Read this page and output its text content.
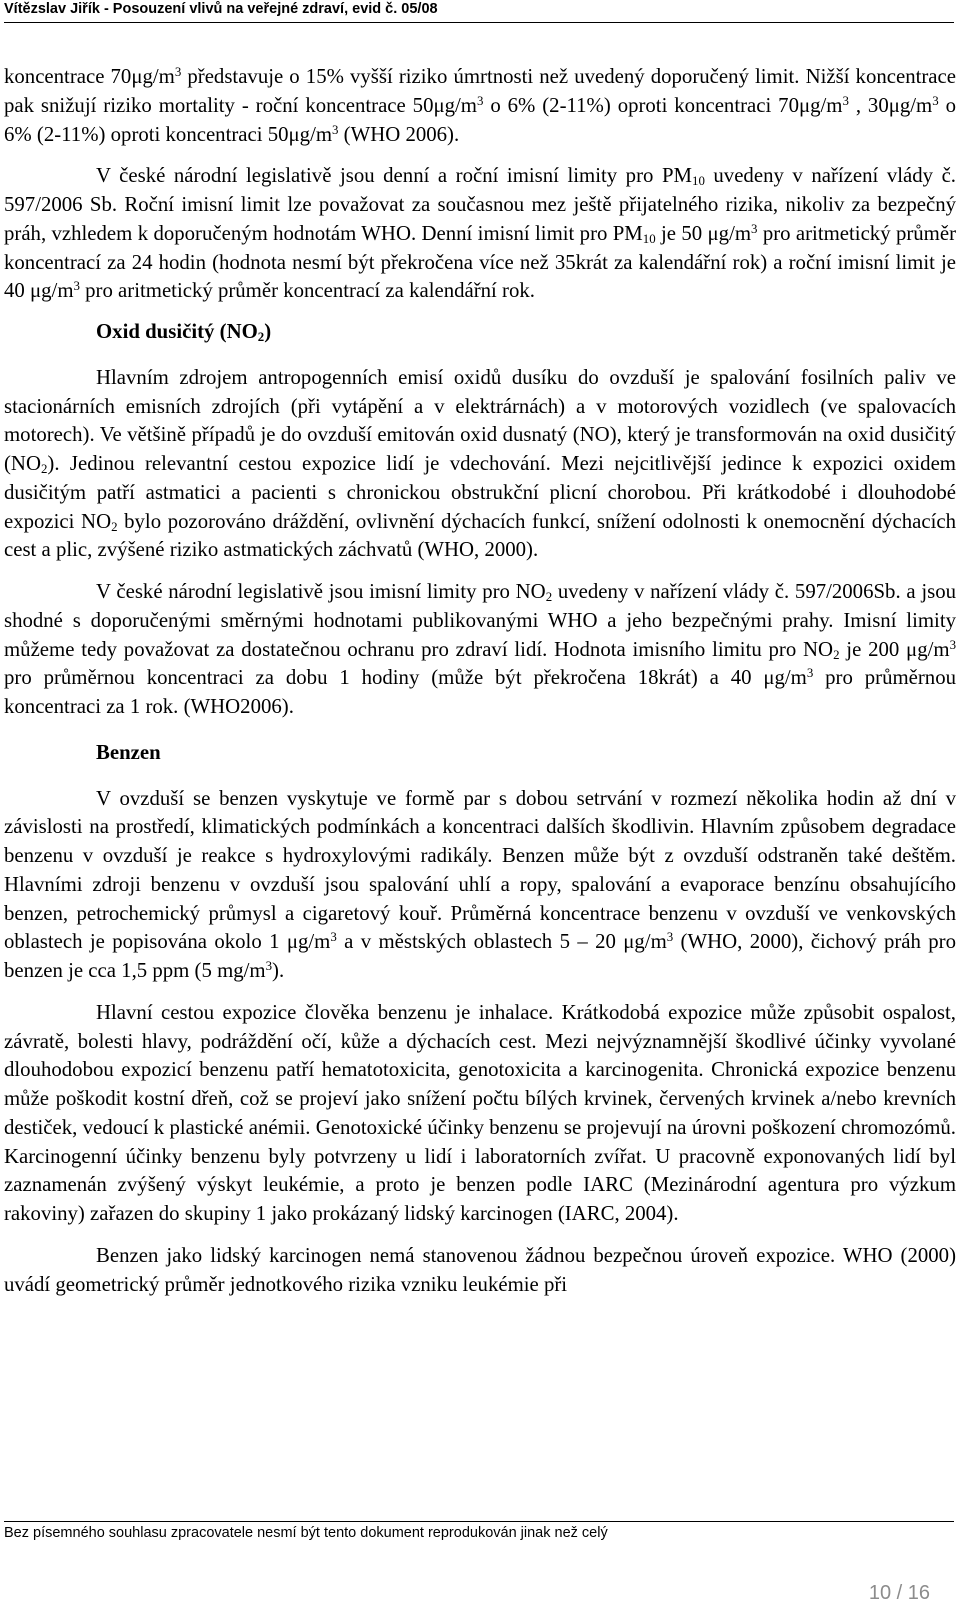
Vítězslav Jiřík - Posouzení vlivů na veřejné zdraví, evid č. 05/08

koncentrace $70\mu g/m^3$ představuje o 15% vyšší riziko úmrtnosti než uvedený doporučený limit. Nižší koncentrace pak snižují riziko mortality - roční koncentrace $50\mu g/m^3$ o 6% (2-11%) oproti koncentraci $70\mu g/m^3$ , $30\mu g/m^3$ o 6% (2-11%) oproti koncentraci $50\mu g/m^3$ (WHO 2006).

V české národní legislativě jsou denní a roční imisní limity pro $PM_{10}$ uvedeny v nařízení vlády č. 597/2006 Sb. Roční imisní limit lze považovat za současnou mez ještě přijatelného rizika, nikoliv za bezpečný práh, vzhledem k doporučeným hodnotám WHO. Denní imisní limit pro $PM_{10}$ je 50 $\mu g/m^3$ pro aritmetický průměr koncentrací za 24 hodin (hodnota nesmí být překročena více než 35krát za kalendářní rok) a roční imisní limit je 40 $\mu g/m^3$ pro aritmetický průměr koncentrací za kalendářní rok.

Oxid dusičitý $(NO_2)$

Hlavním zdrojem antropogenních emisí oxidů dusíku do ovzduší je spalování fosilních paliv ve stacionárních emisních zdrojích (při vytápění a v elektrárnách) a v motorových vozidlech (ve spalovacích motorech). Ve většině případů je do ovzduší emitován oxid dusnatý (NO), který je transformován na oxid dusičitý $(NO_2)$. Jedinou relevantní cestou expozice lidí je vdechování. Mezi nejcitlivější jedince k expozici oxidem dusičitým patří astmatici a pacienti s chronickou obstrukční plicní chorobou. Při krátkodobé i dlouhodobé expozici $NO_2$ bylo pozorováno dráždění, ovlivnění dýchacích funkcí, snížení odolnosti k onemocnění dýchacích cest a plic, zvýšené riziko astmatických záchvatů (WHO, 2000).

V české národní legislativě jsou imisní limity pro $NO_2$ uvedeny v nařízení vlády č. 597/2006Sb. a jsou shodné s doporučenými směrnými hodnotami publikovanými WHO a jeho bezpečnými prahy. Imisní limity můžeme tedy považovat za dostatečnou ochranu pro zdraví lidí. Hodnota imisního limitu pro $NO_2$ je 200 $\mu g/m^3$ pro průměrnou koncentraci za dobu 1 hodiny (může být překročena 18krát) a 40 $\mu g/m^3$ pro průměrnou koncentraci za 1 rok. (WHO2006).

Benzen

V ovzduší se benzen vyskytuje ve formě par s dobou setrvání v rozmezí několika hodin až dní v závislosti na prostředí, klimatických podmínkách a koncentraci dalších škodlivin. Hlavním způsobem degradace benzenu v ovzduší je reakce s hydroxylovými radikály. Benzen může být z ovzduší odstraněn také deštěm. Hlavními zdroji benzenu v ovzduší jsou spalování uhlí a ropy, spalování a evaporace benzínu obsahujícího benzen, petrochemický průmysl a cigaretový kouř. Průměrná koncentrace benzenu v ovzduší ve venkovských oblastech je popisována okolo 1 $\mu g/m^3$ a v městských oblastech 5 – 20 $\mu g/m^3$ (WHO, 2000), čichový práh pro benzen je cca 1,5 ppm (5 $mg/m^3$).

Hlavní cestou expozice člověka benzenu je inhalace. Krátkodobá expozice může způsobit ospalost, závratě, bolesti hlavy, podráždění očí, kůže a dýchacích cest. Mezi nejvýznamnější škodlivé účinky vyvolané dlouhodobou expozicí benzenu patří hematotoxicita, genotoxicita a karcinogenita. Chronická expozice benzenu může poškodit kostní dřeň, což se projeví jako snížení počtu bílých krvinek, červených krvinek a/nebo krevních destiček, vedoucí k plastické anémii. Genotoxické účinky benzenu se projevují na úrovni poškození chromozómů. Karcinogenní účinky benzenu byly potvrzeny u lidí i laboratorních zvířat. U pracovně exponovaných lidí byl zaznamenán zvýšený výskyt leukémie, a proto je benzen podle IARC (Mezinárodní agentura pro výzkum rakoviny) zařazen do skupiny 1 jako prokázaný lidský karcinogen (IARC, 2004).

Benzen jako lidský karcinogen nemá stanovenou žádnou bezpečnou úroveň expozice. WHO (2000) uvádí geometrický průměr jednotkového rizika vzniku leukémie při

Bez písemného souhlasu zpracovatele nesmí být tento dokument reprodukován jinak než celý
10 / 16
